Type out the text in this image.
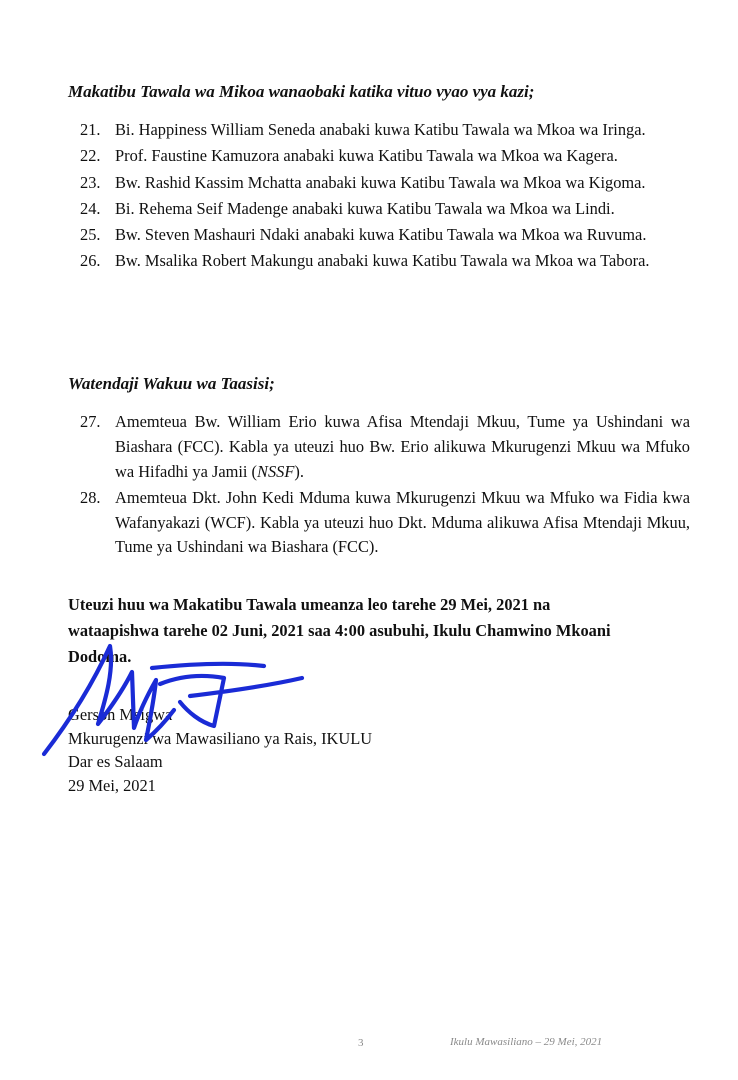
Makatibu Tawala wa Mikoa wanaobaki katika vituo vyao vya kazi;
21. Bi. Happiness William Seneda anabaki kuwa Katibu Tawala wa Mkoa wa Iringa.
22. Prof. Faustine Kamuzora anabaki kuwa Katibu Tawala wa Mkoa wa Kagera.
23. Bw. Rashid Kassim Mchatta anabaki kuwa Katibu Tawala wa Mkoa wa Kigoma.
24. Bi. Rehema Seif Madenge anabaki kuwa Katibu Tawala wa Mkoa wa Lindi.
25. Bw. Steven Mashauri Ndaki anabaki kuwa Katibu Tawala wa Mkoa wa Ruvuma.
26. Bw. Msalika Robert Makungu anabaki kuwa Katibu Tawala wa Mkoa wa Tabora.
Watendaji Wakuu wa Taasisi;
27. Amemteua Bw. William Erio kuwa Afisa Mtendaji Mkuu, Tume ya Ushindani wa Biashara (FCC). Kabla ya uteuzi huo Bw. Erio alikuwa Mkurugenzi Mkuu wa Mfuko wa Hifadhi ya Jamii (NSSF).
28. Amemteua Dkt. John Kedi Mduma kuwa Mkurugenzi Mkuu wa Mfuko wa Fidia kwa Wafanyakazi (WCF). Kabla ya uteuzi huo Dkt. Mduma alikuwa Afisa Mtendaji Mkuu, Tume ya Ushindani wa Biashara (FCC).
Uteuzi huu wa Makatibu Tawala umeanza leo tarehe 29 Mei, 2021 na wataapishwa tarehe 02 Juni, 2021 saa 4:00 asubuhi, Ikulu Chamwino Mkoani Dodoma.
Gerson Msigwa
Mkurugenzi wa Mawasiliano ya Rais, IKULU
Dar es Salaam
29 Mei, 2021
3	Ikulu Mawasiliano – 29 Mei, 2021
